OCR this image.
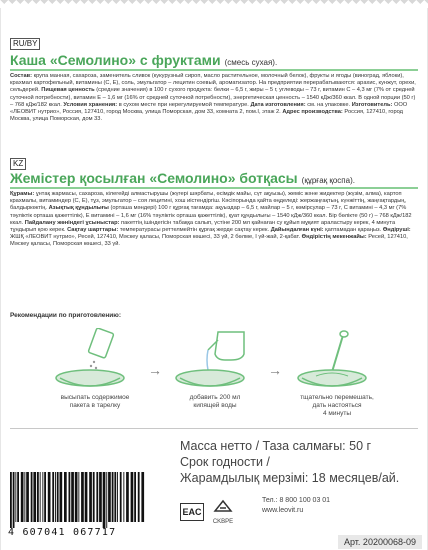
RU/BY
Каша «Семолино» с фруктами (смесь сухая).
Состав: крупа манная, сахароза, заменитель сливок (кукурузный сироп, масло растительное, молочный белок), фрукты и ягоды (виноград, яблоки), крахмал картофельный, витамины (С, Е), соль, эмульгатор – лецитин соевый, ароматизатор. На предприятии перерабатываются: арахис, кунжут, орехи, сельдерей. Пищевая ценность (средние значения) в 100 г сухого продукта: белки – 6,5 г, жиры – 5 г, углеводы – 73 г, витамин С – 4,3 мг (7% от средней суточной потребности), витамин Е – 1,6 мг (16% от средней суточной потребности), энергетическая ценность – 1540 кДж/360 ккал. В одной порции (50 г) – 768 кДж/182 ккал. Условия хранения: в сухом месте при нерегулируемой температуре. Дата изготовления: см. на упаковке. Изготовитель: ООО «ЛЕОВИТ нутрио», Россия, 127410, город Москва, улица Поморская, дом 33, комната 2, пом.I, этаж 2. Адрес производства: Россия, 127410, город Москва, улица Поморская, дом 33.
KZ
Жемістер қосылған «Семолино» ботқасы (құрғақ қоспа).
Құрамы: ұнтақ жармасы, сахароза, кілегейді алмастырушы (жүгері шәрбаты, өсімдік майы, сүт ақуызы), жеміс және жидектер (жүзім, алма), картоп крахмалы, витаминдер (С, Е), тұз, эмульгатор – соя лецитині, хош иістендіргіш. Кәсіпорында қайта өңделеді: жержаңғақтың, күнжіттің, жаңғақтардың, балдыркөктің. Азықтық құндылығы (орташа мәндері) 100 г құрғақ тағамда: ақуыздар – 6,5 г, майлар – 5 г, көмірсулар – 73 г, С витамині – 4,3 мг (7% тәуліктік орташа қажеттілік), Е витамині – 1,6 мг (16% тәуліктік орташа қажеттілік), қуат құндылығы – 1540 кДж/360 ккал. Бір бөлікте (50 г) – 768 кДж/182 ккал. Пайдалану жөніндегі ұсыныстар: пакеттің ішіндегісін табаққа салып, үстіне 200 мл қайнаған су құйып мұқият араластыру керек, 4 минута тұндырып қою керек. Сақтау шарттары: температурасы реттелмейтін құрғақ жерде сақтау керек. Дайындалған күні: қаптамадан қараңыз. Өндіруші: ЖШҚ «ЛЕОВИТ нутрио», Ресей, 127410, Мәскеу қаласы, Поморская көшесі, 33 үй, 2 бөлме, I үй-жай, 2-қабат. Өндірістің мекенжайы: Ресей, 127410, Мәскеу қаласы, Поморская көшесі, 33 үй.
Рекомендации по приготовлению:
высыпать содержимое
пакета в тарелку
→
добавить 200 мл
кипящей воды
→
тщательно перемешать,
дать настояться
4 минуты
Масса нетто / Таза салмағы: 50 г
Срок годности /
Жарамдылық мерзімі: 18 месяцев/ай.
4 607041 067717
EAC
CKBPE
Тел.: 8 800 100 03 01
www.leovit.ru
Арт. 20200068-09
